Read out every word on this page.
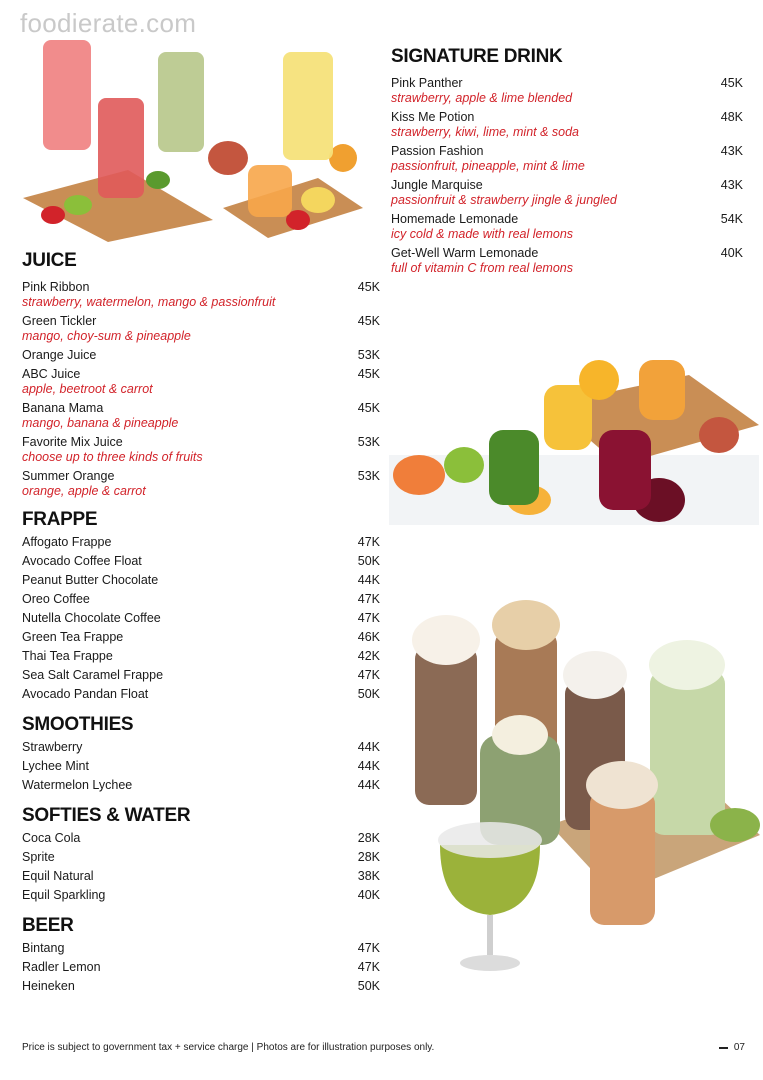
foodierate.com
JUICE
Pink Ribbon	45K
strawberry, watermelon, mango & passionfruit
Green Tickler	45K
mango, choy-sum & pineapple
Orange Juice	53K
ABC Juice	45K
apple, beetroot & carrot
Banana Mama	45K
mango, banana & pineapple
Favorite Mix Juice	53K
choose up to three kinds of fruits
Summer Orange	53K
orange, apple & carrot
FRAPPE
Affogato Frappe	47K
Avocado Coffee Float	50K
Peanut Butter Chocolate	44K
Oreo Coffee	47K
Nutella Chocolate Coffee	47K
Green Tea Frappe	46K
Thai Tea Frappe	42K
Sea Salt Caramel Frappe	47K
Avocado Pandan Float	50K
SMOOTHIES
Strawberry	44K
Lychee Mint	44K
Watermelon Lychee	44K
SOFTIES & WATER
Coca Cola	28K
Sprite	28K
Equil Natural	38K
Equil Sparkling	40K
BEER
Bintang	47K
Radler Lemon	47K
Heineken	50K
SIGNATURE DRINK
Pink Panther	45K
strawberry, apple & lime blended
Kiss Me Potion	48K
strawberry, kiwi, lime, mint & soda
Passion Fashion	43K
passionfruit, pineapple, mint & lime
Jungle Marquise	43K
passionfruit & strawberry jingle & jungled
Homemade Lemonade	54K
icy cold & made with real lemons
Get-Well Warm Lemonade	40K
full of vitamin C from real lemons
Price is subject to government tax + service charge | Photos are for illustration purposes only.	07
